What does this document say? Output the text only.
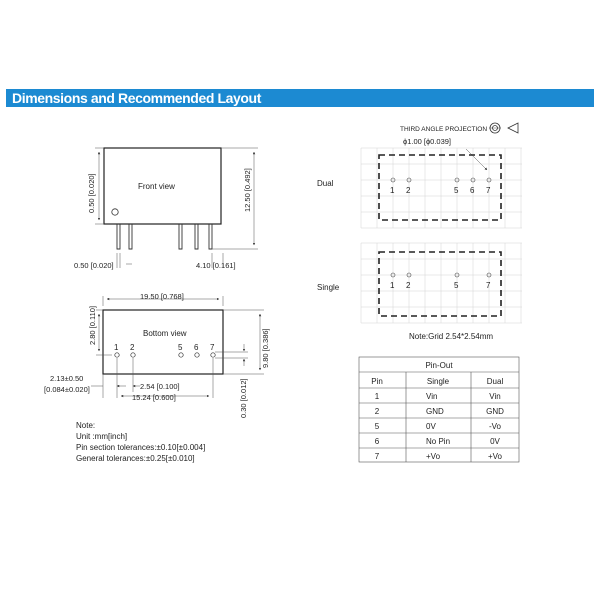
Dimensions and Recommended Layout
THIRD ANGLE PROJECTION
Front view
0.50 [0.020]	12.50 [0.492]
0.50 [0.020]	4.10 [0.161]
Bottom view
1 2	5 6 7
19.50 [0.768]
2.80 [0.110]
9.80 [0.386]
0.30 [0.012]
2.13±0.50
[0.084±0.020]	2.54 [0.100]
15.24 [0.600]
ϕ1.00 [ϕ0.039]
Dual
1 2	5 6 7
Single	1 2	5	7
Note:Grid 2.54*2.54mm
Note:
Unit :mm[inch]
Pin section tolerances:±0.10[±0.004]
General tolerances:±0.25[±0.010]
Pin-Out
Pin	Single	Dual
1	Vin	Vin
2	GND	GND
5	0V	-Vo
6	No Pin	0V
7	+Vo	+Vo
